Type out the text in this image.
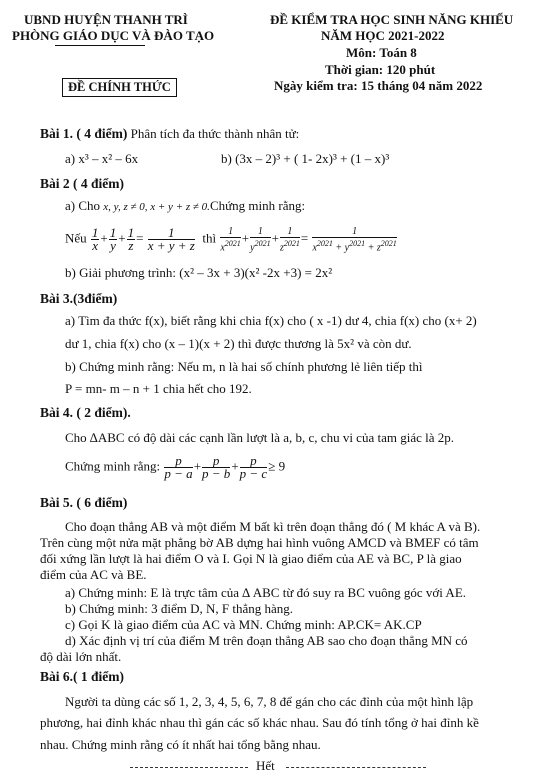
UBND HUYỆN THANH TRÌ
PHÒNG GIÁO DỤC VÀ ĐÀO TẠO
ĐỀ CHÍNH THỨC
ĐỀ KIỂM TRA HỌC SINH NĂNG KHIẾU
NĂM HỌC 2021-2022
Môn: Toán 8
Thời gian: 120 phút
Ngày kiểm tra: 15 tháng 04 năm 2022
Bài 1. ( 4 điểm) Phân tích đa thức thành nhân tử:
a) x³ – x² – 6x	b) (3x – 2)³ + ( 1- 2x)³ + (1 – x)³
Bài 2 ( 4 điểm)
a) Cho x, y, z ≠ 0, x + y + z ≠ 0.Chứng minh rằng:
Nếu $\frac{1}{x} + \frac{1}{y} + \frac{1}{z} = \frac{1}{x + y + z}$ thì $\frac{1}{x^{2021}} + \frac{1}{y^{2021}} + \frac{1}{z^{2021}} = \frac{1}{x^{2021} + y^{2021} + z^{2021}}$
b) Giải phương trình: (x² – 3x + 3)(x² -2x +3) = 2x²
Bài 3.(3điểm)
a) Tìm đa thức f(x), biết rằng khi chia f(x) cho ( x -1) dư 4, chia f(x) cho (x+ 2)
dư 1, chia f(x) cho (x – 1)(x + 2) thì được thương là 5x² và còn dư.
b) Chứng minh rằng: Nếu m, n là hai số chính phương lẻ liên tiếp thì
P = mn- m – n + 1 chia hết cho 192.
Bài 4. ( 2 điểm).
Cho ∆ABC có độ dài các cạnh lần lượt là a, b, c, chu vi của tam giác là 2p.
Chứng minh rằng: $\frac{p}{p - a} + \frac{p}{p - b} + \frac{p}{p - c} \ge 9$
Bài 5. ( 6 điểm)
Cho đoạn thẳng AB và một điểm M bất kì trên đoạn thẳng đó ( M khác A và B).
Trên cùng một nửa mặt phẳng bờ AB dựng hai hình vuông AMCD và BMEF có tâm
đối xứng lần lượt là hai điểm O và I. Gọi N là giao điểm của AE và BC, P là giao
điểm của AC và BE.
a) Chứng minh: E là trực tâm của ∆ ABC từ đó suy ra BC vuông góc với AE.
b) Chứng minh: 3 điểm D, N, F thẳng hàng.
c) Gọi K là giao điểm của AC và MN. Chứng minh: AP.CK= AK.CP
d) Xác định vị trí của điểm M trên đoạn thẳng AB sao cho đoạn thẳng MN có
độ dài lớn nhất.
Bài 6.( 1 điểm)
Người ta dùng các số 1, 2, 3, 4, 5, 6, 7, 8 để gán cho các đỉnh của một hình lập
phương, hai đỉnh khác nhau thì gán các số khác nhau. Sau đó tính tổng ở hai đỉnh kề
nhau. Chứng minh rằng có ít nhất hai tổng bằng nhau.
Hết
